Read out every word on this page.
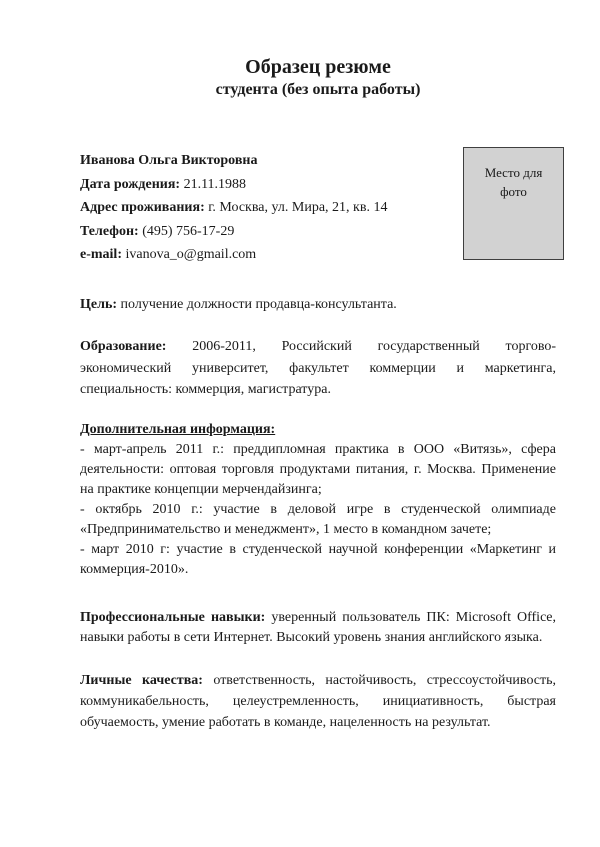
Образец резюме
студента (без опыта работы)
Иванова Ольга Викторовна
Дата рождения: 21.11.1988
Адрес проживания: г. Москва, ул. Мира, 21, кв. 14
Телефон: (495) 756-17-29
e-mail: ivanova_o@gmail.com
Место для
фото

Цель: получение должности продавца-консультанта.

Образование: 2006-2011, Российский государственный торгово-экономический университет, факультет коммерции и маркетинга, специальность: коммерция, магистратура.

Дополнительная информация:
- март-апрель 2011 г.: преддипломная практика в ООО «Витязь», сфера деятельности: оптовая торговля продуктами питания, г. Москва. Применение на практике концепции мерчендайзинга;
- октябрь 2010 г.: участие в деловой игре в студенческой олимпиаде «Предпринимательство и менеджмент», 1 место в командном зачете;
- март 2010 г: участие в студенческой научной конференции «Маркетинг и коммерция-2010».

Профессиональные навыки: уверенный пользователь ПК: Microsoft Office, навыки работы в сети Интернет. Высокий уровень знания английского языка.

Личные качества: ответственность, настойчивость, стрессоустойчивость, коммуникабельность, целеустремленность, инициативность, быстрая обучаемость, умение работать в команде, нацеленность на результат.
